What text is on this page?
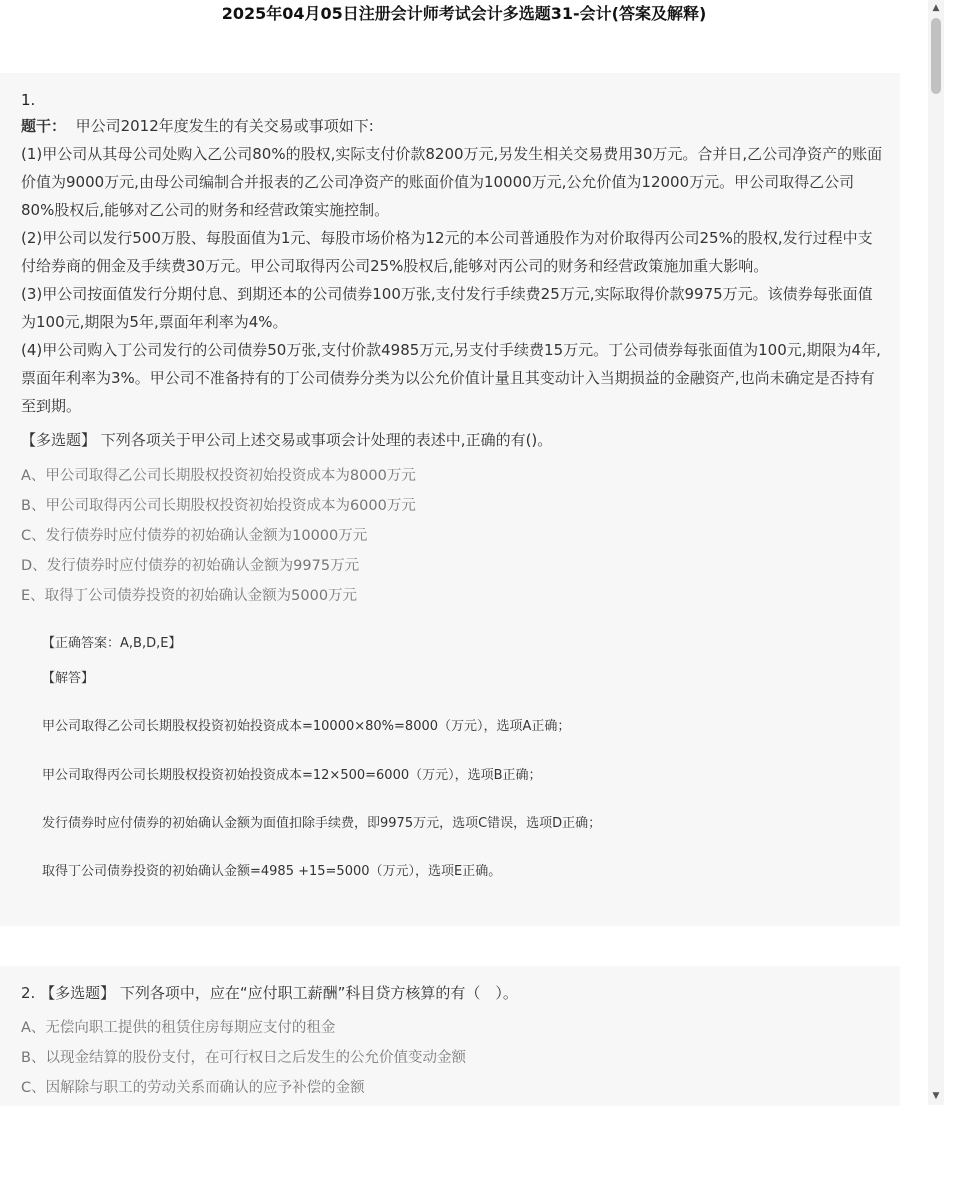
2025年04月05日注册会计师考试会计多选题31-会计(答案及解释)
1.

题干： 甲公司2012年度发生的有关交易或事项如下:

(1)甲公司从其母公司处购入乙公司80%的股权,实际支付价款8200万元,另发生相关交易费用30万元。合并日,乙公司净资产的账面价值为9000万元,由母公司编制合并报表的乙公司净资产的账面价值为10000万元,公允价值为12000万元。甲公司取得乙公司80%股权后,能够对乙公司的财务和经营政策实施控制。

(2)甲公司以发行500万股、每股面值为1元、每股市场价格为12元的本公司普通股作为对价取得丙公司25%的股权,发行过程中支付给券商的佣金及手续费30万元。甲公司取得丙公司25%股权后,能够对丙公司的财务和经营政策施加重大影响。

(3)甲公司按面值发行分期付息、到期还本的公司债券100万张,支付发行手续费25万元,实际取得价款9975万元。该债券每张面值为100元,期限为5年,票面年利率为4%。

(4)甲公司购入丁公司发行的公司债券50万张,支付价款4985万元,另支付手续费15万元。丁公司债券每张面值为100元,期限为4年,票面年利率为3%。甲公司不准备持有的丁公司债券分类为以公允价值计量且其变动计入当期损益的金融资产,也尚未确定是否持有至到期。

【多选题】 下列各项关于甲公司上述交易或事项会计处理的表述中,正确的有()。
A、甲公司取得乙公司长期股权投资初始投资成本为8000万元
B、甲公司取得丙公司长期股权投资初始投资成本为6000万元
C、发行债券时应付债券的初始确认金额为10000万元
D、发行债券时应付债券的初始确认金额为9975万元
E、取得丁公司债券投资的初始确认金额为5000万元
【正确答案：A,B,D,E】
【解答】

甲公司取得乙公司长期股权投资初始投资成本=10000×80%=8000（万元），选项A正确；

甲公司取得丙公司长期股权投资初始投资成本=12×500=6000（万元），选项B正确；

发行债券时应付债券的初始确认金额为面值扣除手续费，即9975万元，选项C错误，选项D正确；

取得丁公司债券投资的初始确认金额=4985 +15=5000（万元），选项E正确。

2. 【多选题】 下列各项中，应在“应付职工薪酬”科目贷方核算的有（　）。
A、无偿向职工提供的租赁住房每期应支付的租金
B、以现金结算的股份支付，在可行权日之后发生的公允价值变动金额
C、因解除与职工的劳动关系而确认的应予补偿的金额
▲
▼
